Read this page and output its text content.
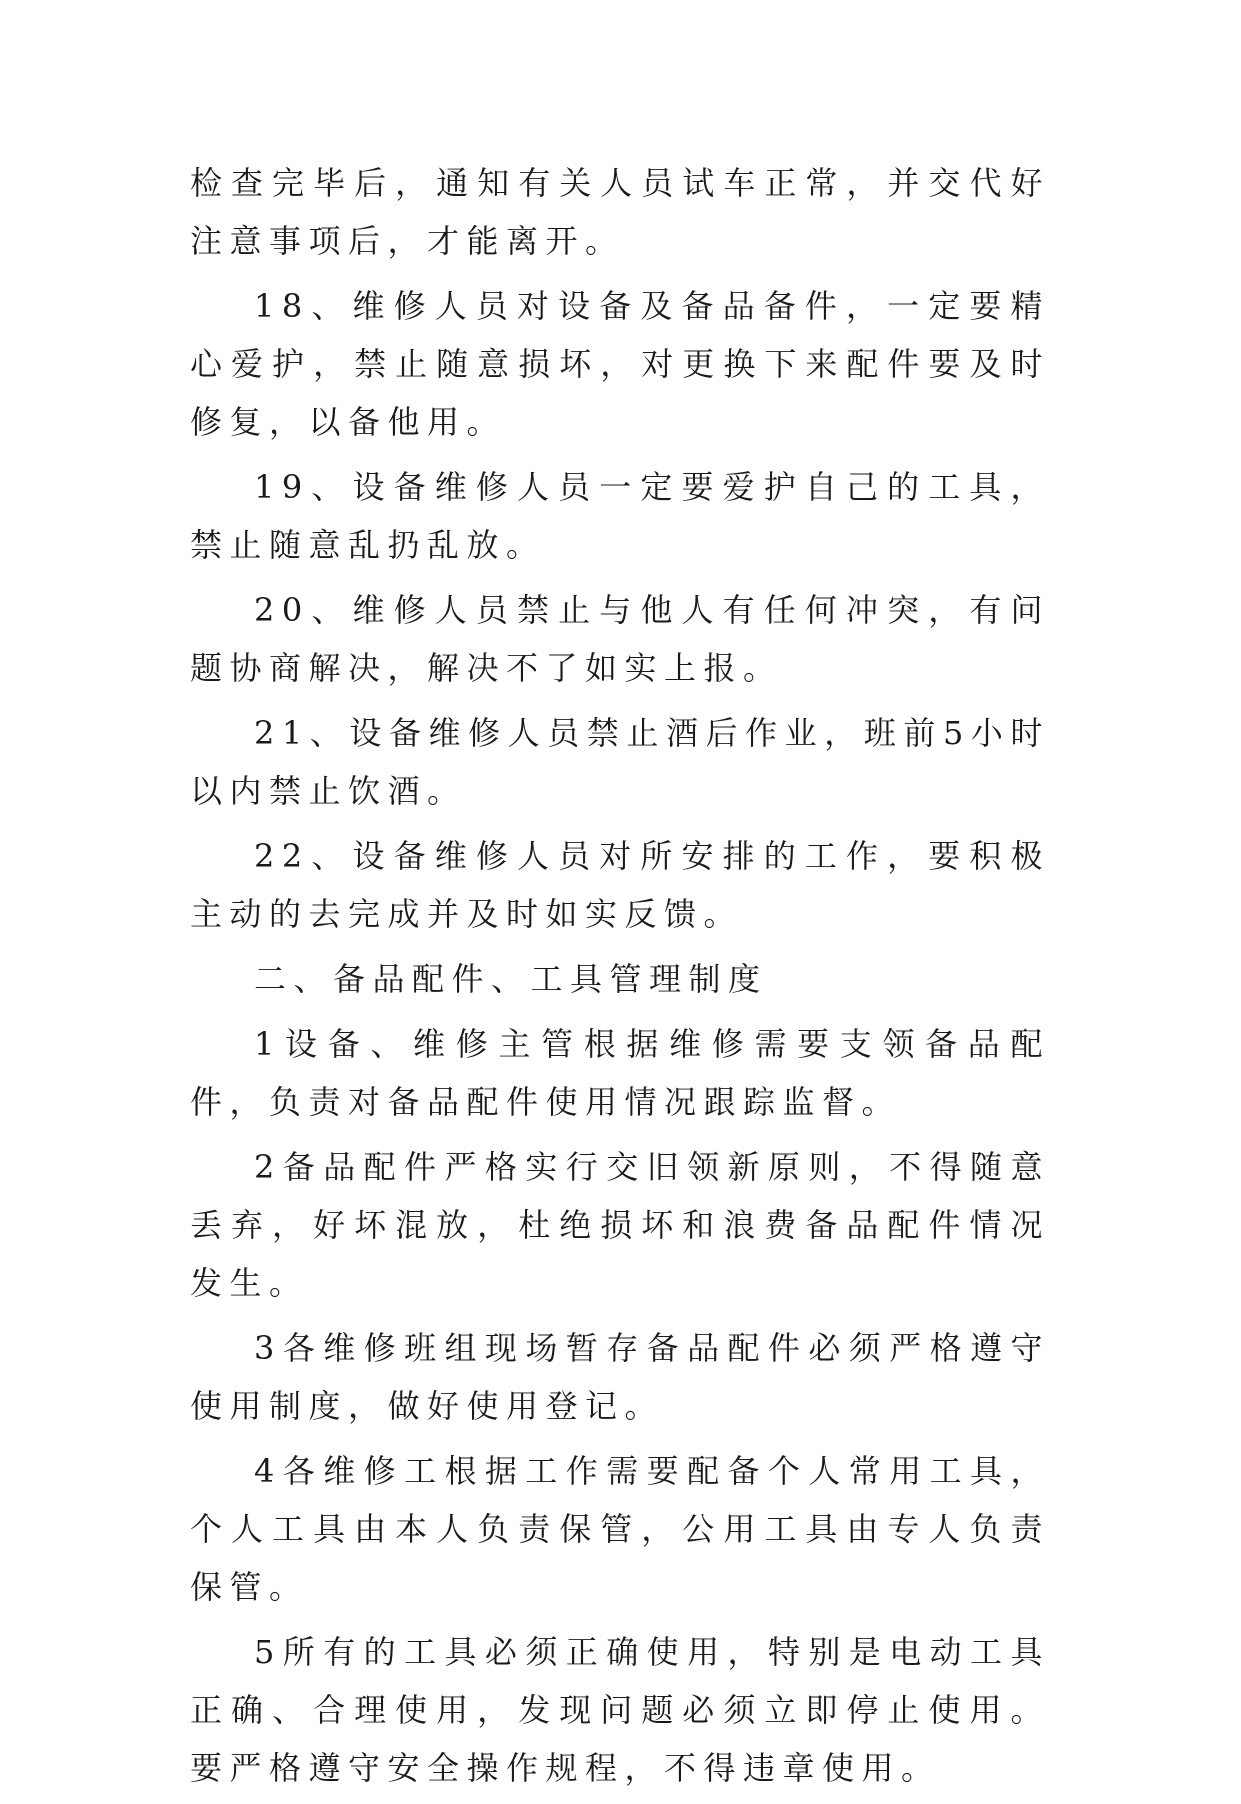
检查完毕后，通知有关人员试车正常，并交代好注意事项后，才能离开。

18、维修人员对设备及备品备件，一定要精心爱护，禁止随意损坏，对更换下来配件要及时修复，以备他用。

19、设备维修人员一定要爱护自己的工具，禁止随意乱扔乱放。

20、维修人员禁止与他人有任何冲突，有问题协商解决，解决不了如实上报。

21、设备维修人员禁止酒后作业，班前5小时以内禁止饮酒。

22、设备维修人员对所安排的工作，要积极主动的去完成并及时如实反馈。

二、备品配件、工具管理制度

1设备、维修主管根据维修需要支领备品配件，负责对备品配件使用情况跟踪监督。

2备品配件严格实行交旧领新原则，不得随意丢弃，好坏混放，杜绝损坏和浪费备品配件情况发生。

3各维修班组现场暂存备品配件必须严格遵守使用制度，做好使用登记。

4各维修工根据工作需要配备个人常用工具，个人工具由本人负责保管，公用工具由专人负责保管。

5所有的工具必须正确使用，特别是电动工具正确、合理使用，发现问题必须立即停止使用。要严格遵守安全操作规程，不得违章使用。
